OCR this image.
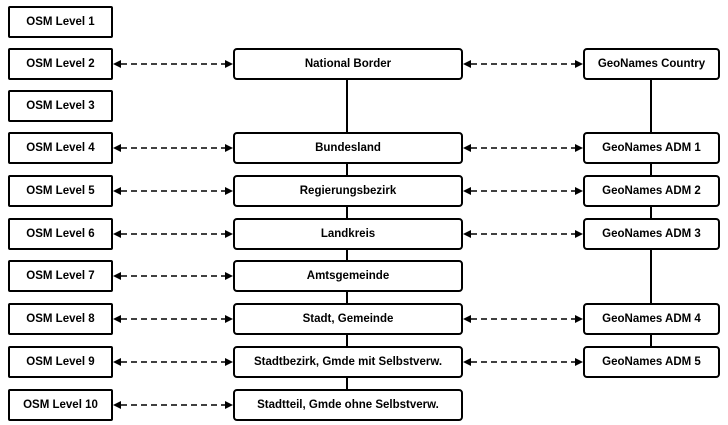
OSM Level 1
OSM Level 2
OSM Level 3
OSM Level 4
OSM Level 5
OSM Level 6
OSM Level 7
OSM Level 8
OSM Level 9
OSM Level 10
National Border
Bundesland
Regierungsbezirk
Landkreis
Amtsgemeinde
Stadt, Gemeinde
Stadtbezirk, Gmde mit Selbstverw.
Stadtteil, Gmde ohne Selbstverw.
GeoNames Country
GeoNames ADM 1
GeoNames ADM 2
GeoNames ADM 3
GeoNames ADM 4
GeoNames ADM 5
